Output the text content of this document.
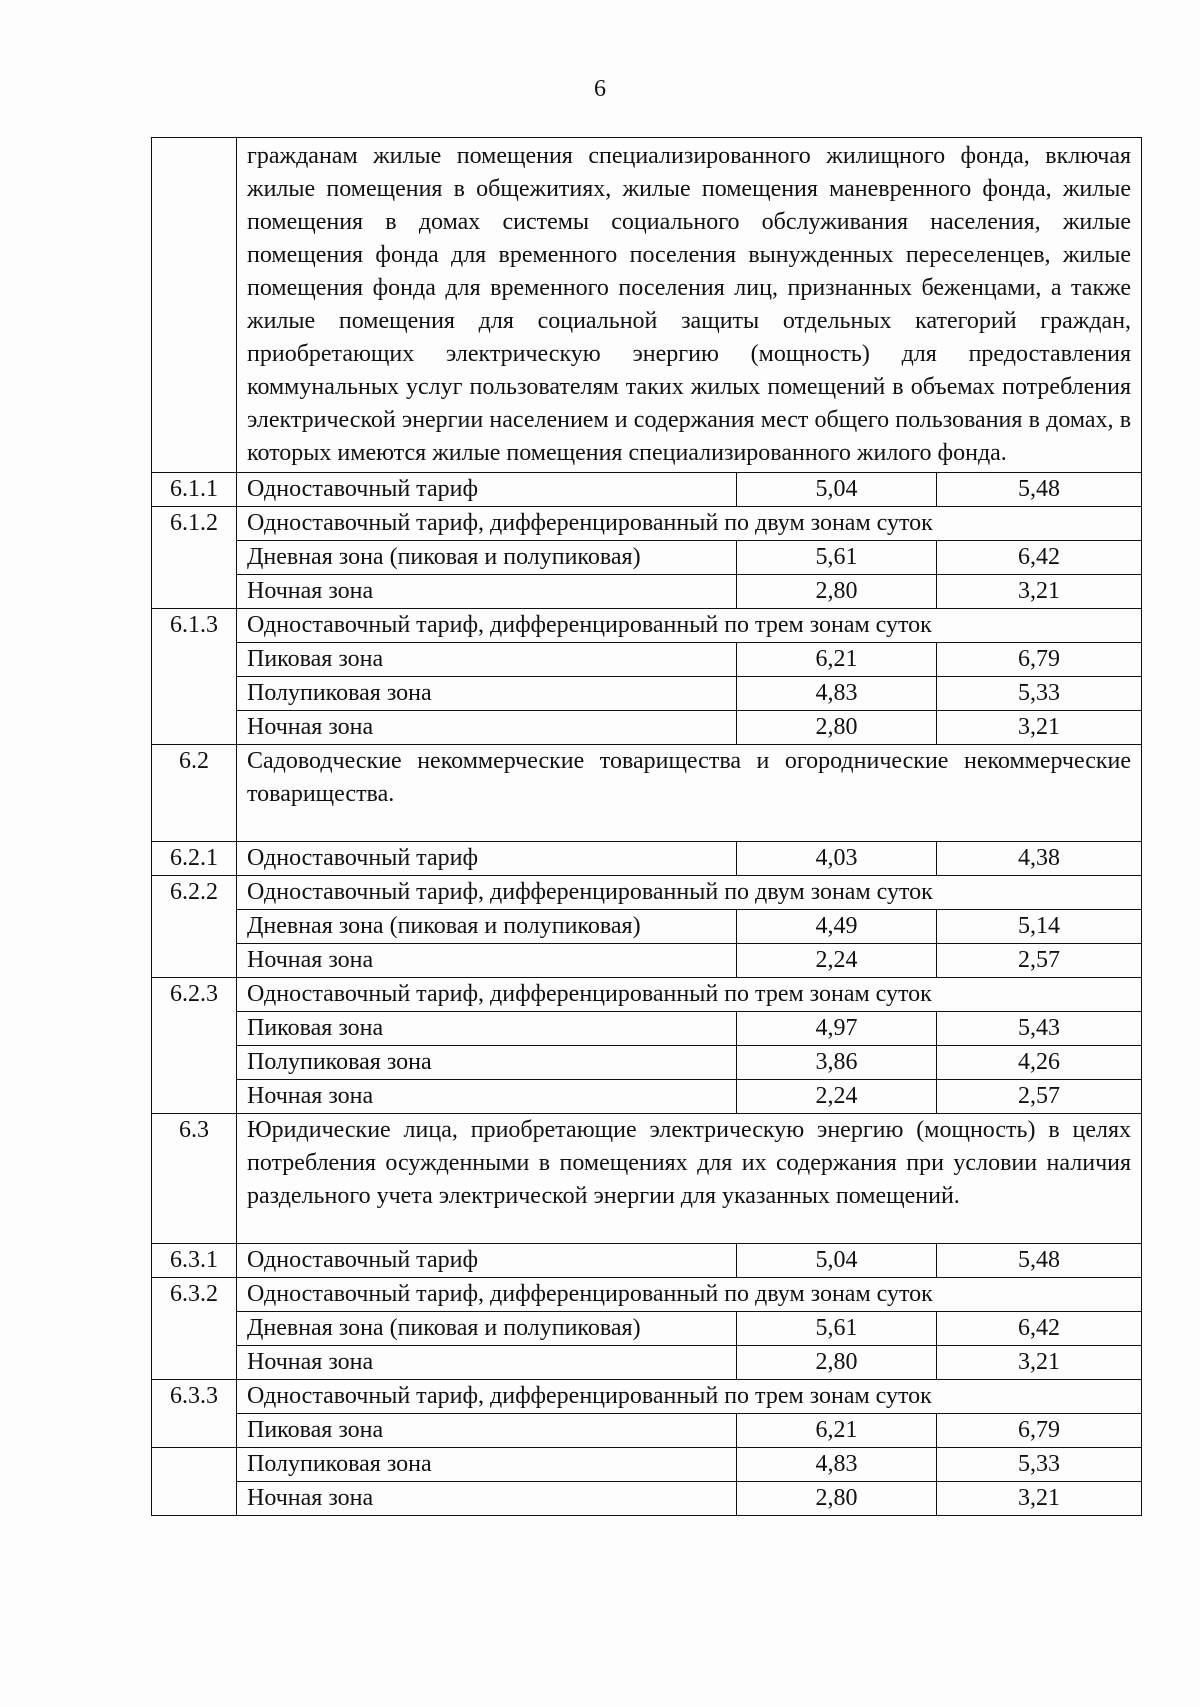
6
	гражданам жилые помещения специализированного жилищного фонда, включая жилые помещения в общежитиях, жилые помещения маневренного фонда, жилые помещения в домах системы социального обслуживания населения, жилые помещения фонда для временного поселения вынужденных переселенцев, жилые помещения фонда для временного поселения лиц, признанных беженцами, а также жилые помещения для социальной защиты отдельных категорий граждан, приобретающих электрическую энергию (мощность) для предоставления коммунальных услуг пользователям таких жилых помещений в объемах потребления электрической энергии населением и содержания мест общего пользования в домах, в которых имеются жилые помещения специализированного жилого фонда.		
6.1.1	Одноставочный тариф	5,04	5,48
6.1.2	Одноставочный тариф, дифференцированный по двум зонам суток		
	Дневная зона (пиковая и полупиковая)	5,61	6,42
	Ночная зона	2,80	3,21
6.1.3	Одноставочный тариф, дифференцированный по трем зонам суток		
	Пиковая зона	6,21	6,79
	Полупиковая зона	4,83	5,33
	Ночная зона	2,80	3,21
6.2	Садоводческие некоммерческие товарищества и огороднические некоммерческие товарищества.		
6.2.1	Одноставочный тариф	4,03	4,38
6.2.2	Одноставочный тариф, дифференцированный по двум зонам суток		
	Дневная зона (пиковая и полупиковая)	4,49	5,14
	Ночная зона	2,24	2,57
6.2.3	Одноставочный тариф, дифференцированный по трем зонам суток		
	Пиковая зона	4,97	5,43
	Полупиковая зона	3,86	4,26
	Ночная зона	2,24	2,57
6.3	Юридические лица, приобретающие электрическую энергию (мощность) в целях потребления осужденными в помещениях для их содержания при условии наличия раздельного учета электрической энергии для указанных помещений.		
6.3.1	Одноставочный тариф	5,04	5,48
6.3.2	Одноставочный тариф, дифференцированный по двум зонам суток		
	Дневная зона (пиковая и полупиковая)	5,61	6,42
	Ночная зона	2,80	3,21
6.3.3	Одноставочный тариф, дифференцированный по трем зонам суток		
	Пиковая зона	6,21	6,79
	Полупиковая зона	4,83	5,33
	Ночная зона	2,80	3,21
